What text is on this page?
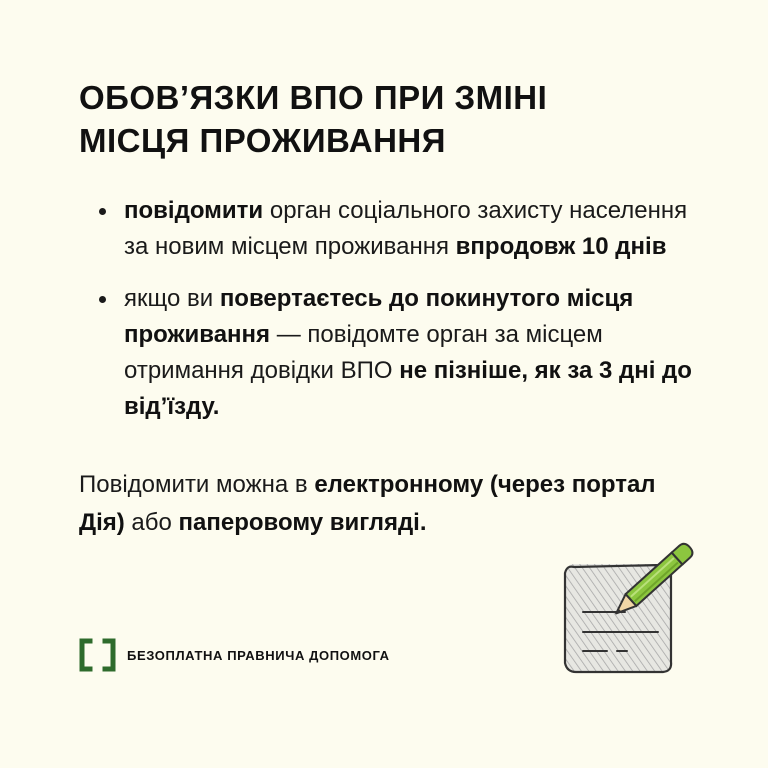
ОБОВ’ЯЗКИ ВПО ПРИ ЗМІНІ
МІСЦЯ ПРОЖИВАННЯ
повідомити орган соціального захисту населення за новим місцем проживання впродовж 10 днів
якщо ви повертаєтесь до покинутого місця проживання — повідомте орган за місцем отримання довідки ВПО не пізніше, як за 3 дні до від’їзду.

Повідомити можна в електронному (через портал Дія) або паперовому вигляді.

БЕЗОПЛАТНА ПРАВНИЧА ДОПОМОГА
